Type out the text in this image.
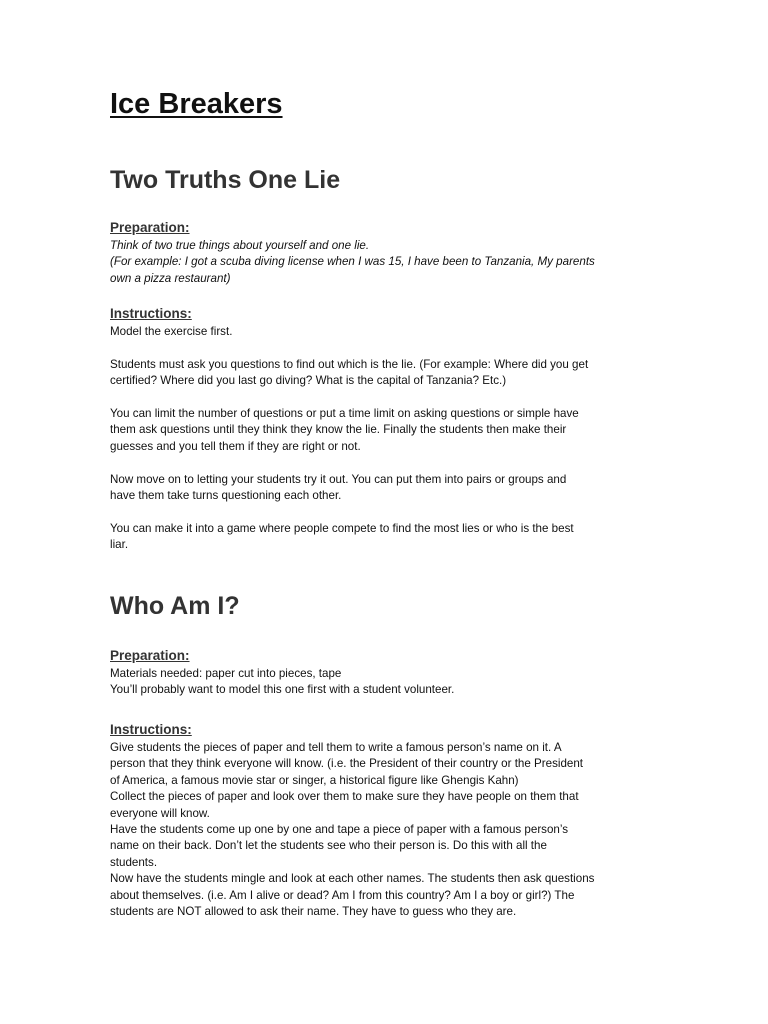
Ice Breakers
Two Truths One Lie
Preparation:
Think of two true things about yourself and one lie.
(For example: I got a scuba diving license when I was 15, I have been to Tanzania, My parents
own a pizza restaurant)
Instructions:
Model the exercise first.
Students must ask you questions to find out which is the lie. (For example: Where did you get
certified? Where did you last go diving? What is the capital of Tanzania? Etc.)
You can limit the number of questions or put a time limit on asking questions or simple have
them ask questions until they think they know the lie. Finally the students then make their
guesses and you tell them if they are right or not.
Now move on to letting your students try it out. You can put them into pairs or groups and
have them take turns questioning each other.
You can make it into a game where people compete to find the most lies or who is the best
liar.
Who Am I?
Preparation:
Materials needed: paper cut into pieces, tape
You’ll probably want to model this one first with a student volunteer.
Instructions:
Give students the pieces of paper and tell them to write a famous person’s name on it. A
person that they think everyone will know. (i.e. the President of their country or the President
of America, a famous movie star or singer, a historical figure like Ghengis Kahn)
Collect the pieces of paper and look over them to make sure they have people on them that
everyone will know.
Have the students come up one by one and tape a piece of paper with a famous person’s
name on their back. Don’t let the students see who their person is. Do this with all the
students.
Now have the students mingle and look at each other names. The students then ask questions
about themselves. (i.e. Am I alive or dead? Am I from this country? Am I a boy or girl?) The
students are NOT allowed to ask their name. They have to guess who they are.
